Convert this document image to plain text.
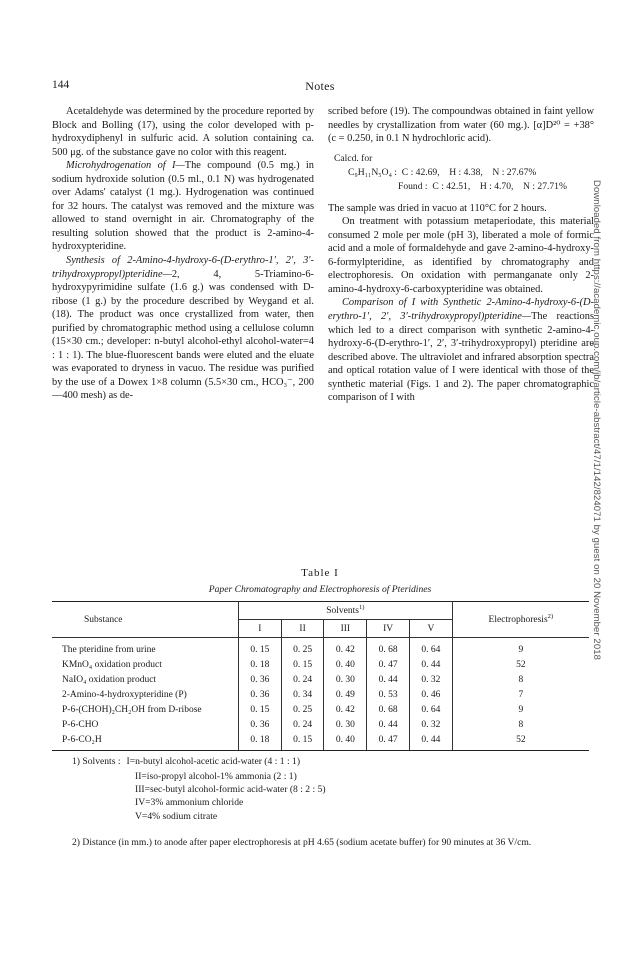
144	Notes

Acetaldehyde was determined by the procedure reported by Block and Bolling (17), using the color developed with p-hydroxydiphenyl in sulfuric acid. A solution containing ca. 500 μg. of the substance gave no color with this reagent.

Microhydrogenation of I—The compound (0.5 mg.) in sodium hydroxide solution (0.5 ml., 0.1 N) was hydrogenated over Adams' catalyst (1 mg.). Hydrogenation was continued for 32 hours. The catalyst was removed and the mixture was allowed to stand overnight in air. Chromatography of the resulting solution showed that the product is 2-amino-4-hydroxypteridine.

Synthesis of 2-Amino-4-hydroxy-6-(D-erythro-1′, 2′, 3′-trihydroxypropyl)pteridine—2, 4, 5-Triamino-6-hydroxypyrimidine sulfate (1.6 g.) was condensed with D-ribose (1 g.) by the procedure described by Weygand et al. (18). The product was once crystallized from water, then purified by chromatographic method using a cellulose column (15×30 cm.; developer: n-butyl alcohol-ethyl alcohol-water=4 : 1 : 1). The blue-fluorescent bands were eluted and the eluate was evaporated to dryness in vacuo. The residue was purified by the use of a Dowex 1×8 column (5.5×30 cm., HCO₃⁻, 200—400 mesh) as de-

scribed before (19). The compoundwas obtained in faint yellow needles by crystallization from water (60 mg.). [α]D²⁰ = +38° (c = 0.250, in 0.1 N hydrochloric acid).

Calcd. for
C₉H₁₁N₅O₄ : C : 42.69,    H : 4.38,    N : 27.67%
Found : C : 42.51,    H : 4.70,    N : 27.71%

The sample was dried in vacuo at 110°C for 2 hours.

On treatment with potassium metaperiodate, this material consumed 2 mole per mole (pH 3), liberated a mole of formic acid and a mole of formaldehyde and gave 2-amino-4-hydroxy-6-formylpteridine, as identified by chromatography and electrophoresis. On oxidation with permanganate only 2-amino-4-hydroxy-6-carboxypteridine was obtained.

Comparison of I with Synthetic 2-Amino-4-hydroxy-6-(D-erythro-1′, 2′, 3′-trihydroxypropyl)pteridine—The reactions which led to a direct comparison with synthetic 2-amino-4-hydroxy-6-(D-erythro-1′, 2′, 3′-trihydroxypropyl) pteridine are described above. The ultraviolet and infrared absorption spectra and optical rotation value of I were identical with those of the synthetic material (Figs. 1 and 2). The paper chromatographic comparison of I with	Downloaded from https://academic.oup.com/jb/article-abstract/47/1/142/824071 by guest on 20 November 2018
Table I
Paper Chromatography and Electrophoresis of Pteridines
Substance	Solvents$^{1)}$					Electrophoresis$^{2)}$
	I	II	III	IV	V	
The pteridine from urine	0. 15	0. 25	0. 42	0. 68	0. 64	9
KMnO₄ oxidation product	0. 18	0. 15	0. 40	0. 47	0. 44	52
NaIO₄ oxidation product	0. 36	0. 24	0. 30	0. 44	0. 32	8
2-Amino-4-hydroxypteridine (P)	0. 36	0. 34	0. 49	0. 53	0. 46	7
P-6-(CHOH)₂CH₂OH from D-ribose	0. 15	0. 25	0. 42	0. 68	0. 64	9
P-6-CHO	0. 36	0. 24	0. 30	0. 44	0. 32	8
P-6-CO₂H	0. 18	0. 15	0. 40	0. 47	0. 44	52
1) Solvents : I=n-butyl alcohol-acetic acid-water (4 : 1 : 1)
II=iso-propyl alcohol-1% ammonia (2 : 1)
III=sec-butyl alcohol-formic acid-water (8 : 2 : 5)
IV=3% ammonium chloride
V=4% sodium citrate
2) Distance (in mm.) to anode after paper electrophoresis at pH 4.65 (sodium acetate buffer) for 90 minutes at 36 V/cm.
